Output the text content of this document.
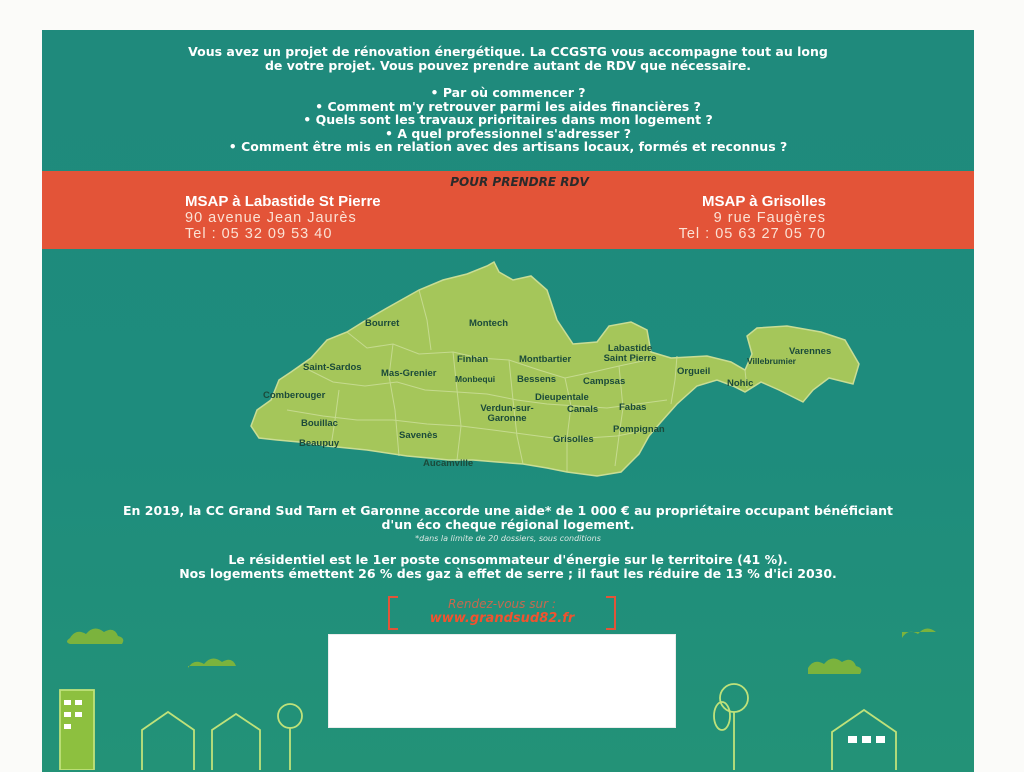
Vous avez un projet de rénovation énergétique. La CCGSTG vous accompagne tout au long de votre projet. Vous pouvez prendre autant de RDV que nécessaire.

• Par où commencer ?
• Comment m'y retrouver parmi les aides financières ?
• Quels sont les travaux prioritaires dans mon logement ?
• A quel professionnel s'adresser ?
• Comment être mis en relation avec des artisans locaux, formés et reconnus ?
POUR PRENDRE RDV
MSAP à Labastide St Pierre
90 avenue Jean Jaurès
Tel : 05 32 09 53 40
MSAP à Grisolles
9 rue Faugères
Tel : 05 63 27 05 70
Bourret	Montech
Saint-Sardos
Finhan	Montbartier
Labastide Saint Pierre
Varennes
Villebrumier
Mas-Grenier Monbequi Bessens	Campsas
Orgueil
Nohic
Comberouger	Dieupentale
Bouillac
Verdun-sur-Garonne
Canals Fabas
Savenès
Pompignan
Beaupuy	Grisolles
Aucamville

En 2019, la CC Grand Sud Tarn et Garonne accorde une aide* de 1 000 € au propriétaire occupant bénéficiant d'un éco cheque régional logement.

*dans la limite de 20 dossiers, sous conditions

Le résidentiel est le 1er poste consommateur d'énergie sur le territoire (41 %).

Nos logements émettent 26 % des gaz à effet de serre ; il faut les réduire de 13 % d'ici 2030.

Rendez-vous sur :
www.grandsud82.fr
